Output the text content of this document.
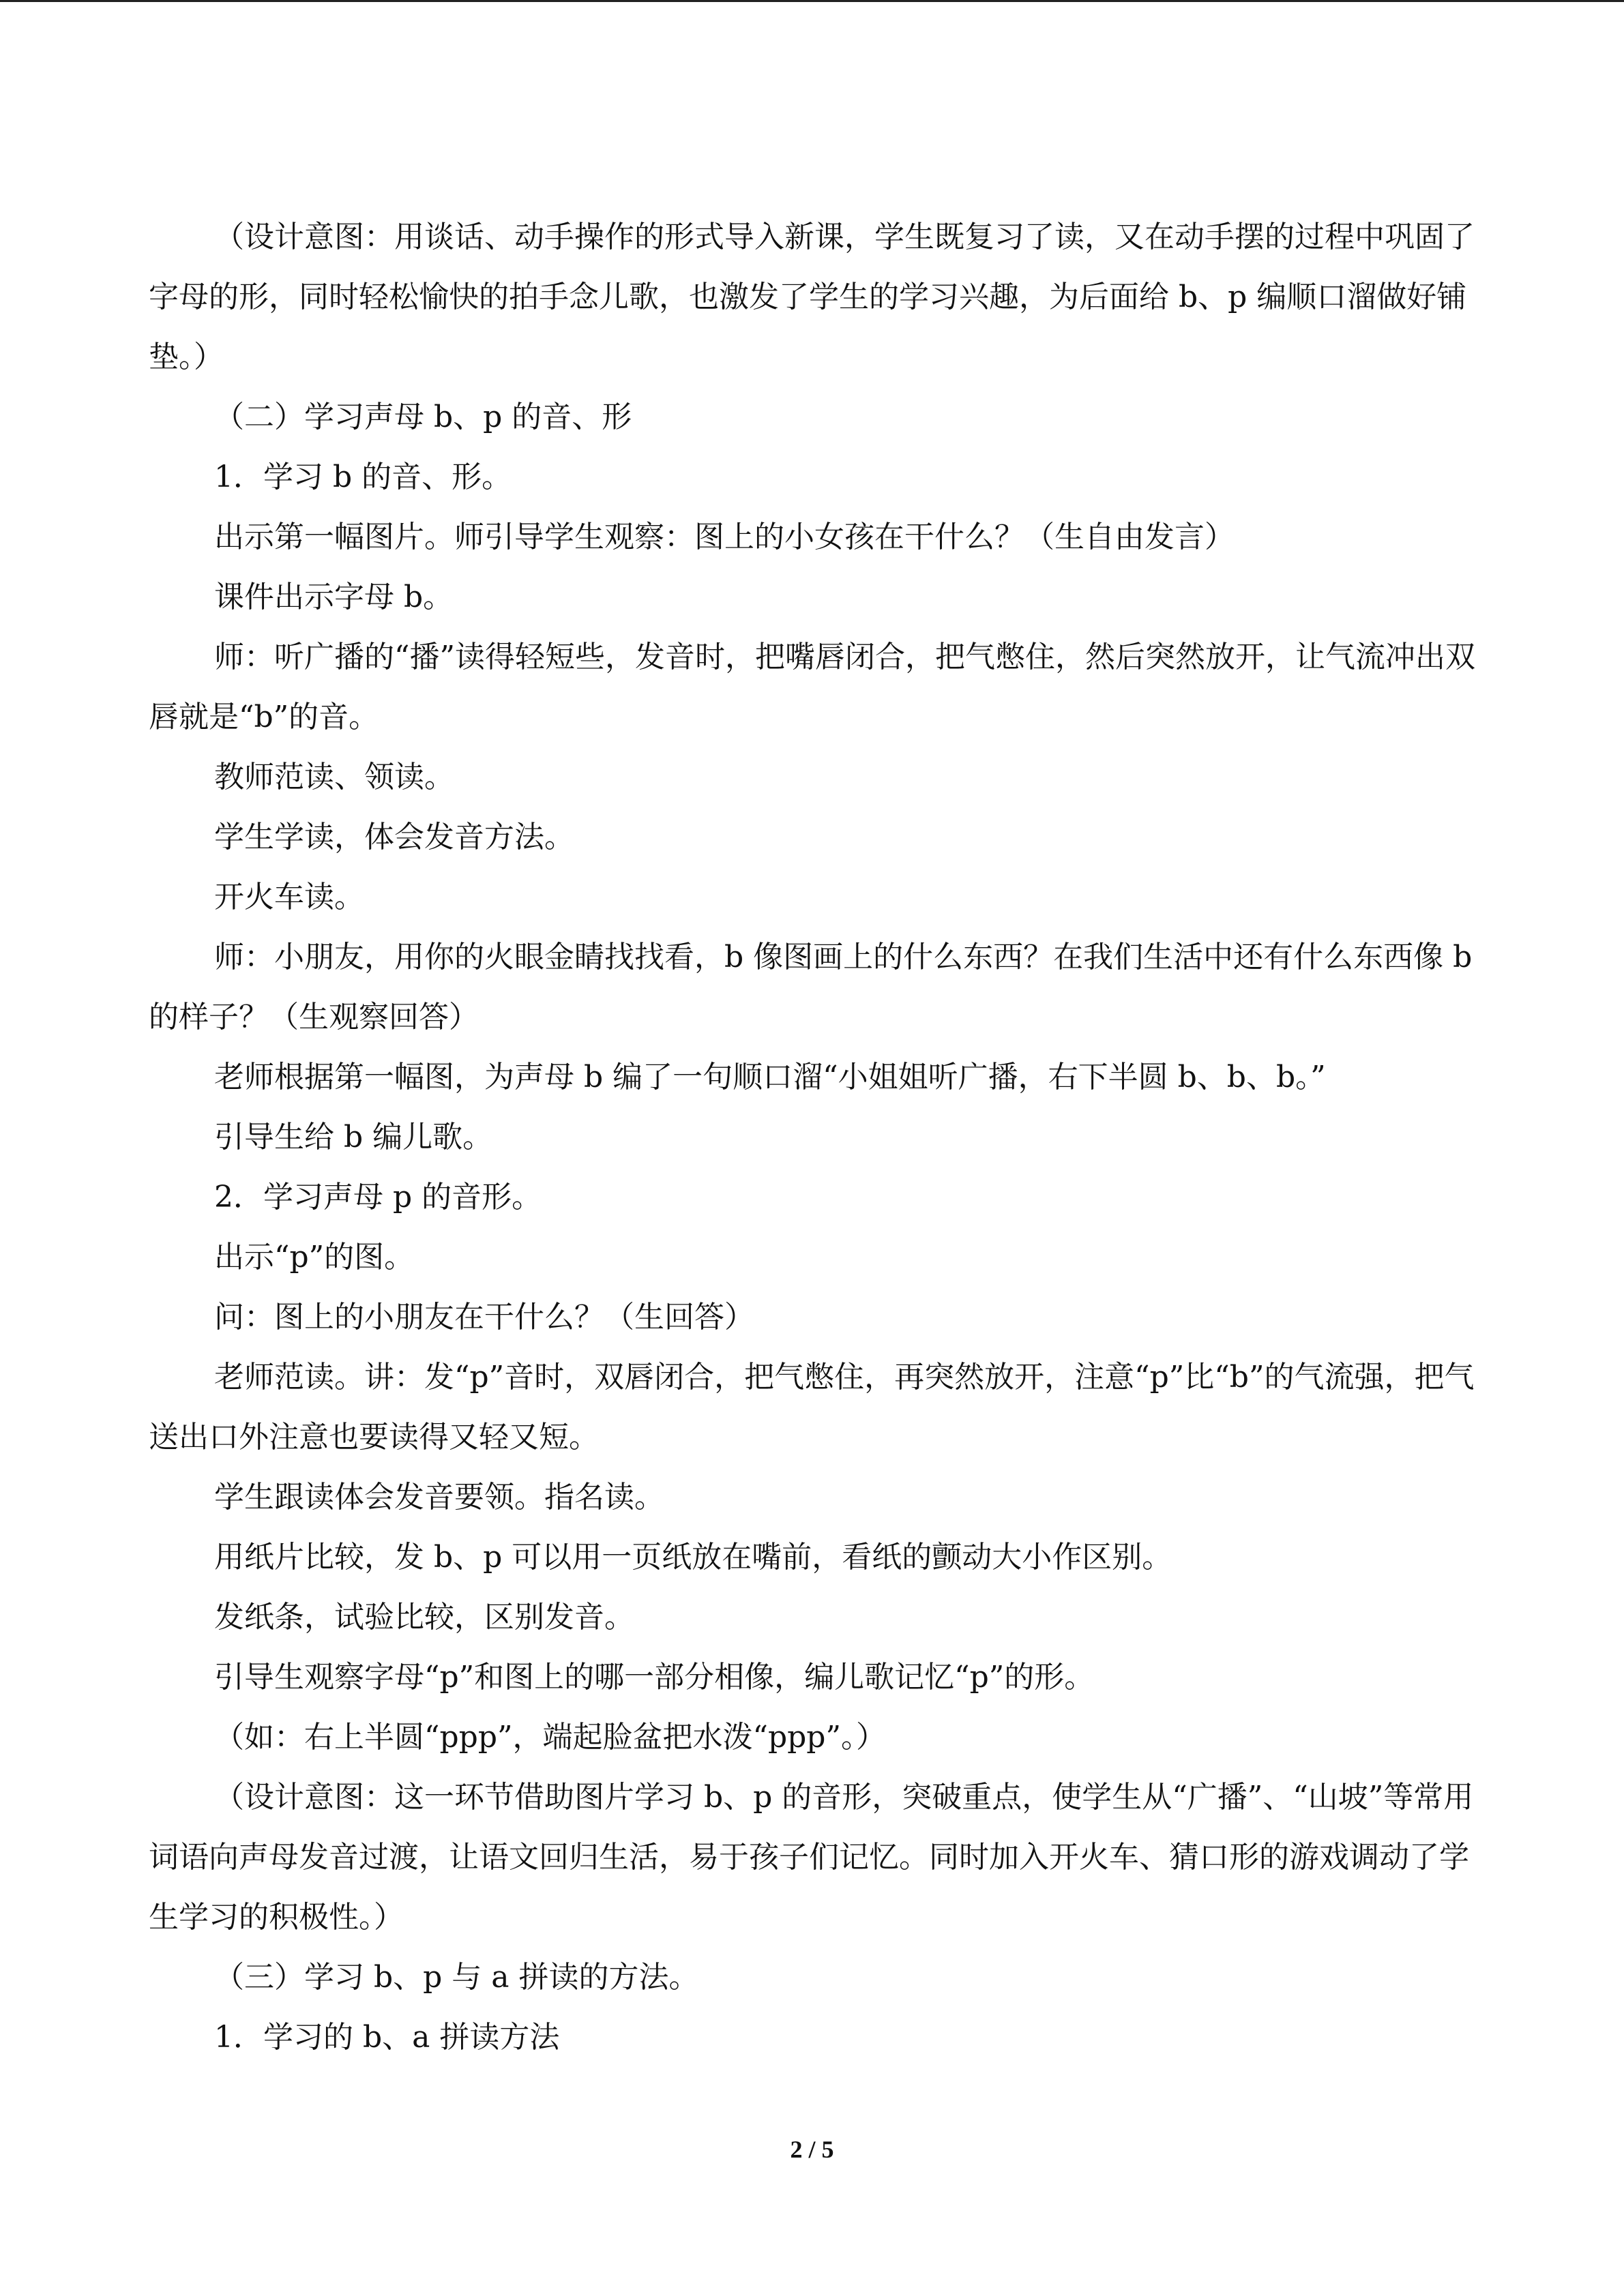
（设计意图：用谈话、动手操作的形式导入新课，学生既复习了读，又在动手摆的过程中巩固了字母的形，同时轻松愉快的拍手念儿歌，也激发了学生的学习兴趣，为后面给 b、p 编顺口溜做好铺垫。）

（二）学习声母 b、p 的音、形

1．学习 b 的音、形。

出示第一幅图片。师引导学生观察：图上的小女孩在干什么？（生自由发言）

课件出示字母 b。

师：听广播的“播”读得轻短些，发音时，把嘴唇闭合，把气憋住，然后突然放开，让气流冲出双唇就是“b”的音。

教师范读、领读。

学生学读，体会发音方法。

开火车读。

师：小朋友，用你的火眼金睛找找看，b 像图画上的什么东西？在我们生活中还有什么东西像 b 的样子？（生观察回答）

老师根据第一幅图，为声母 b 编了一句顺口溜“小姐姐听广播，右下半圆 b、b、b。”

引导生给 b 编儿歌。

2．学习声母 p 的音形。

出示“p”的图。

问：图上的小朋友在干什么？（生回答）

老师范读。讲：发“p”音时，双唇闭合，把气憋住，再突然放开，注意“p”比“b”的气流强，把气送出口外注意也要读得又轻又短。

学生跟读体会发音要领。指名读。

用纸片比较，发 b、p 可以用一页纸放在嘴前，看纸的颤动大小作区别。

发纸条，试验比较，区别发音。

引导生观察字母“p”和图上的哪一部分相像，编儿歌记忆“p”的形。

（如：右上半圆“ppp”，端起脸盆把水泼“ppp”。）

（设计意图：这一环节借助图片学习 b、p 的音形，突破重点，使学生从“广播”、“山坡”等常用词语向声母发音过渡，让语文回归生活，易于孩子们记忆。同时加入开火车、猜口形的游戏调动了学生学习的积极性。）

（三）学习 b、p 与 a 拼读的方法。

1．学习的 b、a 拼读方法

2 / 5
